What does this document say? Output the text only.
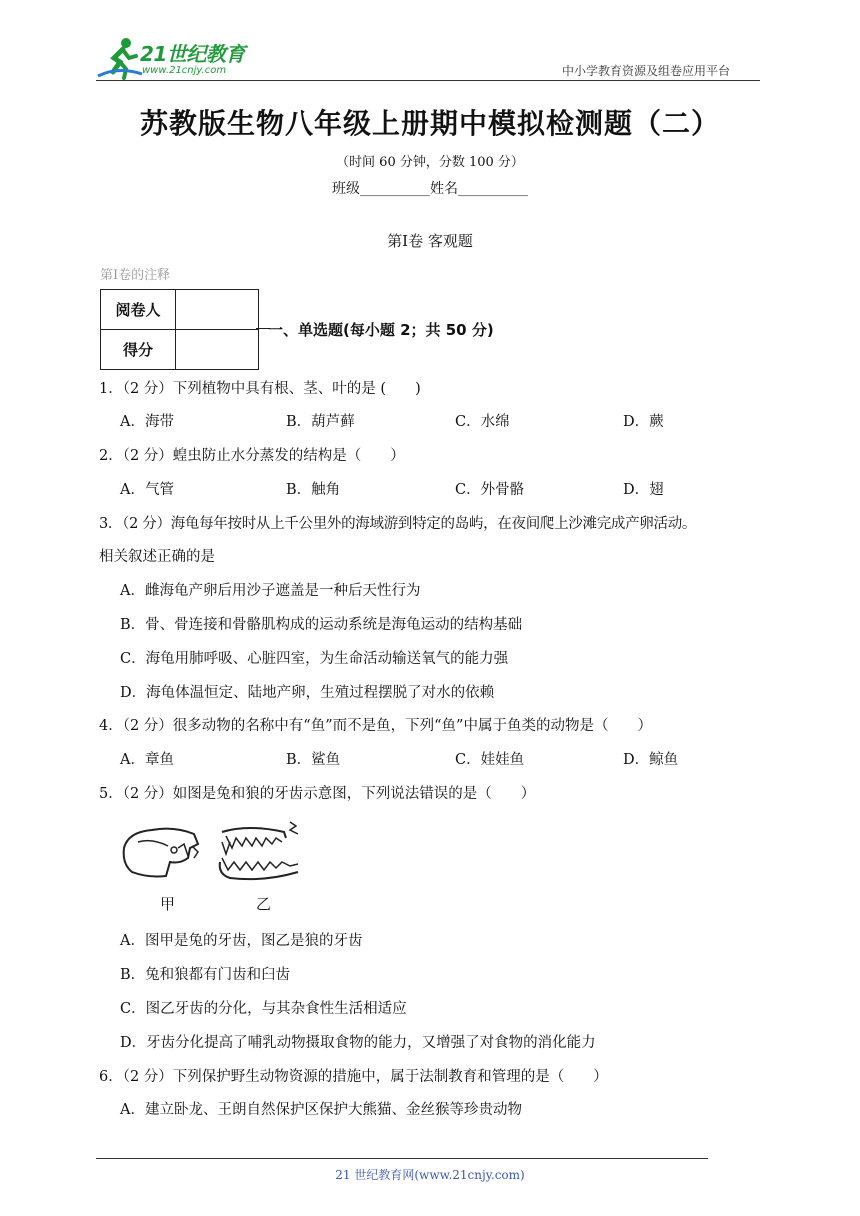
21世纪教育
www.21cnjy.com	中小学教育资源及组卷应用平台
苏教版生物八年级上册期中模拟检测题（二）
（时间 60 分钟，分数 100 分）
班级__________姓名__________
第Ⅰ卷 客观题
第Ⅰ卷的注释
阅卷人	
得分	
一、单选题(每小题 2；共 50 分)
1．（2 分）下列植物中具有根、茎、叶的是 (　　)
A．海带	B．葫芦藓	C．水绵	D．蕨
2．（2 分）蝗虫防止水分蒸发的结构是（　　）
A．气管	B．触角	C．外骨骼	D．翅
3．（2 分）海龟每年按时从上千公里外的海域游到特定的岛屿，在夜间爬上沙滩完成产卵活动。
相关叙述正确的是
A．雌海龟产卵后用沙子遮盖是一种后天性行为
B．骨、骨连接和骨骼肌构成的运动系统是海龟运动的结构基础
C．海龟用肺呼吸、心脏四室，为生命活动输送氧气的能力强
D．海龟体温恒定、陆地产卵，生殖过程摆脱了对水的依赖
4．（2 分）很多动物的名称中有“鱼”而不是鱼，下列“鱼”中属于鱼类的动物是（　　）
A．章鱼	B．鲨鱼	C．娃娃鱼	D．鲸鱼
5．（2 分）如图是兔和狼的牙齿示意图，下列说法错误的是（　　）
甲	乙
A．图甲是兔的牙齿，图乙是狼的牙齿
B．兔和狼都有门齿和臼齿
C．图乙牙齿的分化，与其杂食性生活相适应
D．牙齿分化提高了哺乳动物摄取食物的能力，又增强了对食物的消化能力
6．（2 分）下列保护野生动物资源的措施中，属于法制教育和管理的是（　　）
A．建立卧龙、王朗自然保护区保护大熊猫、金丝猴等珍贵动物
21 世纪教育网(www.21cnjy.com)
